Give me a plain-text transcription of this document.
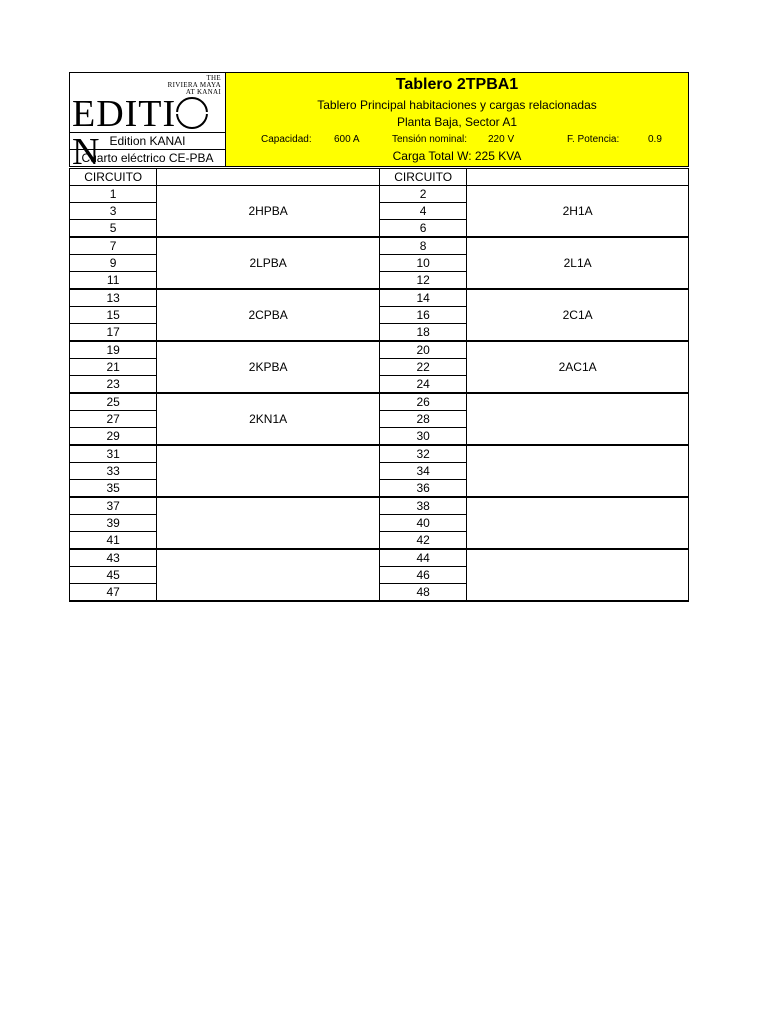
THE
RIVIERA MAYA
AT KANAI
EDITIN Edition KANAI
Cuarto eléctrico CE-PBA
Tablero 2TPBA1
Tablero Principal habitaciones y cargas relacionadas
Planta Baja, Sector A1
Capacidad: 600 A	Tensión nominal: 220 V	F. Potencia:	0.9
Carga Total W: 225 KVA
CIRCUITO		CIRCUITO	
1	2HPBA	2	2H1A
3		4	
5		6	
7	2LPBA	8	2L1A
9		10	
11		12	
13	2CPBA	14	2C1A
15		16	
17		18	
19	2KPBA	20	2AC1A
21		22	
23		24	
25	2KN1A	26	
27		28	
29		30	
31		32	
33		34	
35		36	
37		38	
39		40	
41		42	
43		44	
45		46	
47		48	
